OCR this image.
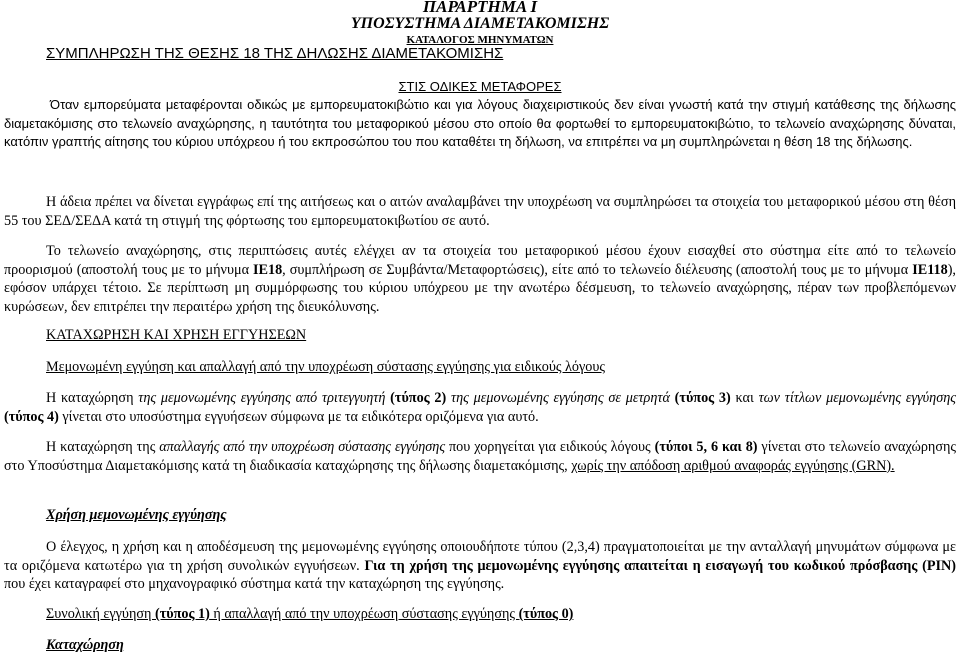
ΠΑΡΑΡΤΗΜΑ Ι
ΥΠΟΣΥΣΤΗΜΑ ΔΙΑΜΕΤΑΚΟΜΙΣΗΣ
ΚΑΤΑΛΟΓΟΣ ΜΗΝΥΜΑΤΩΝ
ΣΥΜΠΛΗΡΩΣΗ ΤΗΣ ΘΕΣΗΣ 18 ΤΗΣ ΔΗΛΩΣΗΣ ΔΙΑΜΕΤΑΚΟΜΙΣΗΣ
ΣΤΙΣ ΟΔΙΚΕΣ ΜΕΤΑΦΟΡΕΣ
Όταν εμπορεύματα μεταφέρονται οδικώς με εμπορευματοκιβώτιο και για λόγους διαχειριστικούς δεν είναι γνωστή κατά την στιγμή κατάθεσης της δήλωσης διαμετακόμισης στο τελωνείο αναχώρησης, η ταυτότητα του μεταφορικού μέσου στο οποίο θα φορτωθεί το εμπορευματοκιβώτιο, το τελωνείο αναχώρησης δύναται, κατόπιν γραπτής αίτησης του κύριου υπόχρεου ή του εκπροσώπου του που καταθέτει τη δήλωση, να επιτρέπει να μη συμπληρώνεται η θέση 18 της δήλωσης.
Η άδεια πρέπει να δίνεται εγγράφως επί της αιτήσεως και ο αιτών αναλαμβάνει την υποχρέωση να συμπληρώσει τα στοιχεία του μεταφορικού μέσου στη θέση 55 του ΣΕΔ/ΣΕΔΑ κατά τη στιγμή της φόρτωσης του εμπορευματοκιβωτίου σε αυτό.
Το τελωνείο αναχώρησης, στις περιπτώσεις αυτές ελέγχει αν τα στοιχεία του μεταφορικού μέσου έχουν εισαχθεί στο σύστημα είτε από το τελωνείο προορισμού (αποστολή τους με το μήνυμα IE18, συμπλήρωση σε Συμβάντα/Μεταφορτώσεις), είτε από το τελωνείο διέλευσης (αποστολή τους με το μήνυμα IE118), εφόσον υπάρχει τέτοιο. Σε περίπτωση μη συμμόρφωσης του κύριου υπόχρεου με την ανωτέρω δέσμευση, το τελωνείο αναχώρησης, πέραν των προβλεπόμενων κυρώσεων, δεν επιτρέπει την περαιτέρω χρήση της διευκόλυνσης.
ΚΑΤΑΧΩΡΗΣΗ ΚΑΙ ΧΡΗΣΗ ΕΓΓΥΗΣΕΩΝ
Μεμονωμένη εγγύηση και απαλλαγή από την υποχρέωση σύστασης εγγύησης για ειδικούς λόγους
Η καταχώρηση της μεμονωμένης εγγύησης από τριτεγγυητή (τύπος 2) της μεμονωμένης εγγύησης σε μετρητά (τύπος 3) και των τίτλων μεμονωμένης εγγύησης (τύπος 4) γίνεται στο υποσύστημα εγγυήσεων σύμφωνα με τα ειδικότερα οριζόμενα για αυτό.
Η καταχώρηση της απαλλαγής από την υποχρέωση σύστασης εγγύησης που χορηγείται για ειδικούς λόγους (τύποι 5, 6 και 8) γίνεται στο τελωνείο αναχώρησης στο Υποσύστημα Διαμετακόμισης κατά τη διαδικασία καταχώρησης της δήλωσης διαμετακόμισης, χωρίς την απόδοση αριθμού αναφοράς εγγύησης (GRN).
Χρήση μεμονωμένης εγγύησης
Ο έλεγχος, η χρήση και η αποδέσμευση της μεμονωμένης εγγύησης οποιουδήποτε τύπου (2,3,4) πραγματοποιείται με την ανταλλαγή μηνυμάτων σύμφωνα με τα οριζόμενα κατωτέρω για τη χρήση συνολικών εγγυήσεων. Για τη χρήση της μεμονωμένης εγγύησης απαιτείται η εισαγωγή του κωδικού πρόσβασης (PIN) που έχει καταγραφεί στο μηχανογραφικό σύστημα κατά την καταχώρηση της εγγύησης.
Συνολική εγγύηση (τύπος 1) ή απαλλαγή από την υποχρέωση σύστασης εγγύησης (τύπος 0)
Καταχώρηση
